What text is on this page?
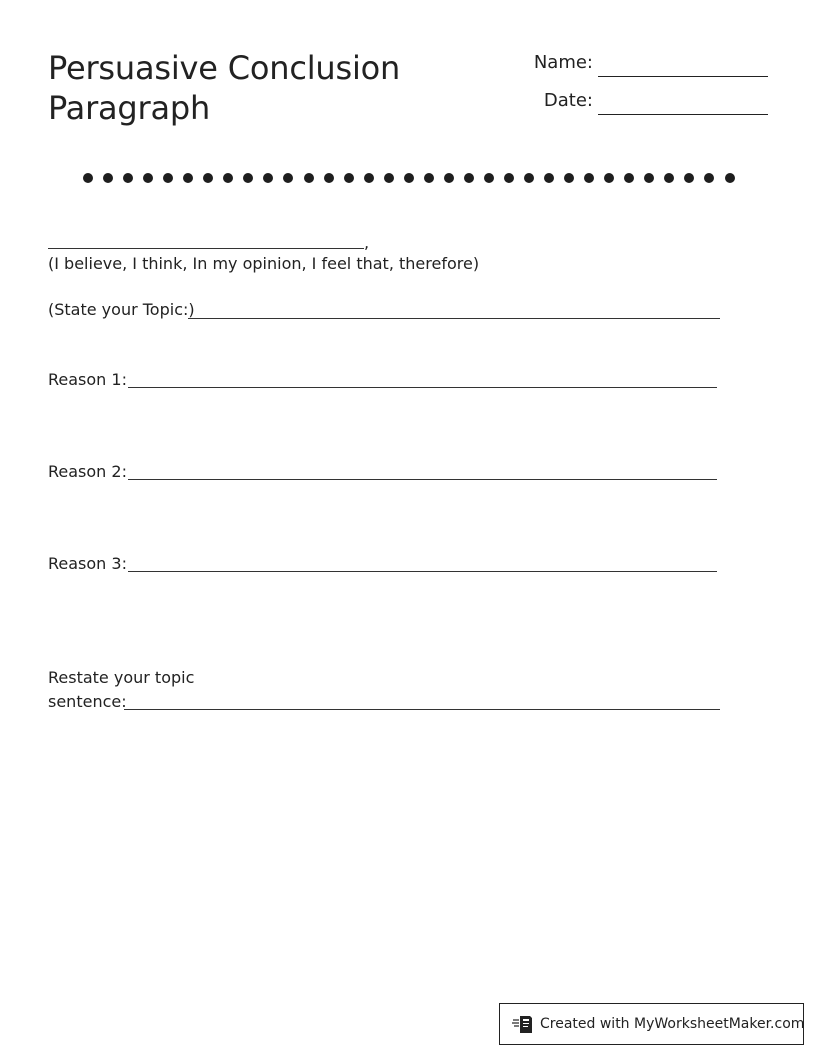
Persuasive Conclusion Paragraph
Name:
Date:
,
(I believe, I think, In my opinion, I feel that, therefore)
(State your Topic:)
Reason 1:
Reason 2:
Reason 3:
Restate your topic
sentence:
Created with MyWorksheetMaker.com
